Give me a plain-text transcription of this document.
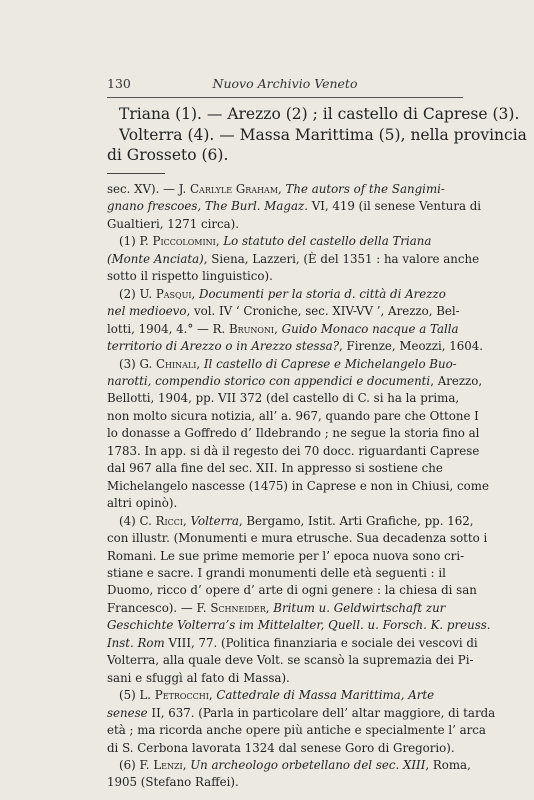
130	Nuovo Archivio Veneto

Triana (1). — Arezzo (2) ; il castello di Caprese (3).
Volterra (4). — Massa Marittima (5), nella provincia
di Grosseto (6).

sec. XV). — J. Carlyle Graham, The autors of the Sangimi-
gnano frescoes, The Burl. Magaz. VI, 419 (il senese Ventura di
Gualtieri, 1271 circa).
(1) P. Piccolomini, Lo statuto del castello della Triana
(Monte Anciata), Siena, Lazzeri, (È del 1351 : ha valore anche
sotto il rispetto linguistico).
(2) U. Pasqui, Documenti per la storia d. città di Arezzo
nel medioevo, vol. IV ‘ Croniche, sec. XIV-VV ’, Arezzo, Bel-
lotti, 1904, 4.° — R. Brunoni, Guido Monaco nacque a Talla
territorio di Arezzo o in Arezzo stessa?, Firenze, Meozzi, 1604.
(3) G. Chinali, Il castello di Caprese e Michelangelo Buo-
narotti, compendio storico con appendici e documenti, Arezzo,
Bellotti, 1904, pp. VII 372 (del castello di C. si ha la prima,
non molto sicura notizia, all’ a. 967, quando pare che Ottone I
lo donasse a Goffredo d’ Ildebrando ; ne segue la storia fino al
1783. In app. si dà il regesto dei 70 docc. riguardanti Caprese
dal 967 alla fine del sec. XII. In appresso si sostiene che
Michelangelo nascesse (1475) in Caprese e non in Chiusi, come
altri opinò).
(4) C. Ricci, Volterra, Bergamo, Istit. Arti Grafiche, pp. 162,
con illustr. (Monumenti e mura etrusche. Sua decadenza sotto i
Romani. Le sue prime memorie per l’ epoca nuova sono cri-
stiane e sacre. I grandi monumenti delle età seguenti : il
Duomo, ricco d’ opere d’ arte di ogni genere : la chiesa di san
Francesco). — F. Schneider, Britum u. Geldwirtschaft zur
Geschichte Volterra’s im Mittelalter, Quell. u. Forsch. K. preuss.
Inst. Rom VIII, 77. (Politica finanziaria e sociale dei vescovi di
Volterra, alla quale deve Volt. se scansò la supremazia dei Pi-
sani e sfuggì al fato di Massa).
(5) L. Petrocchi, Cattedrale di Massa Marittima, Arte
senese II, 637. (Parla in particolare dell’ altar maggiore, di tarda
età ; ma ricorda anche opere più antiche e specialmente l’ arca
di S. Cerbona lavorata 1324 dal senese Goro di Gregorio).
(6) F. Lenzi, Un archeologo orbetellano del sec. XIII, Roma,
1905 (Stefano Raffei).
